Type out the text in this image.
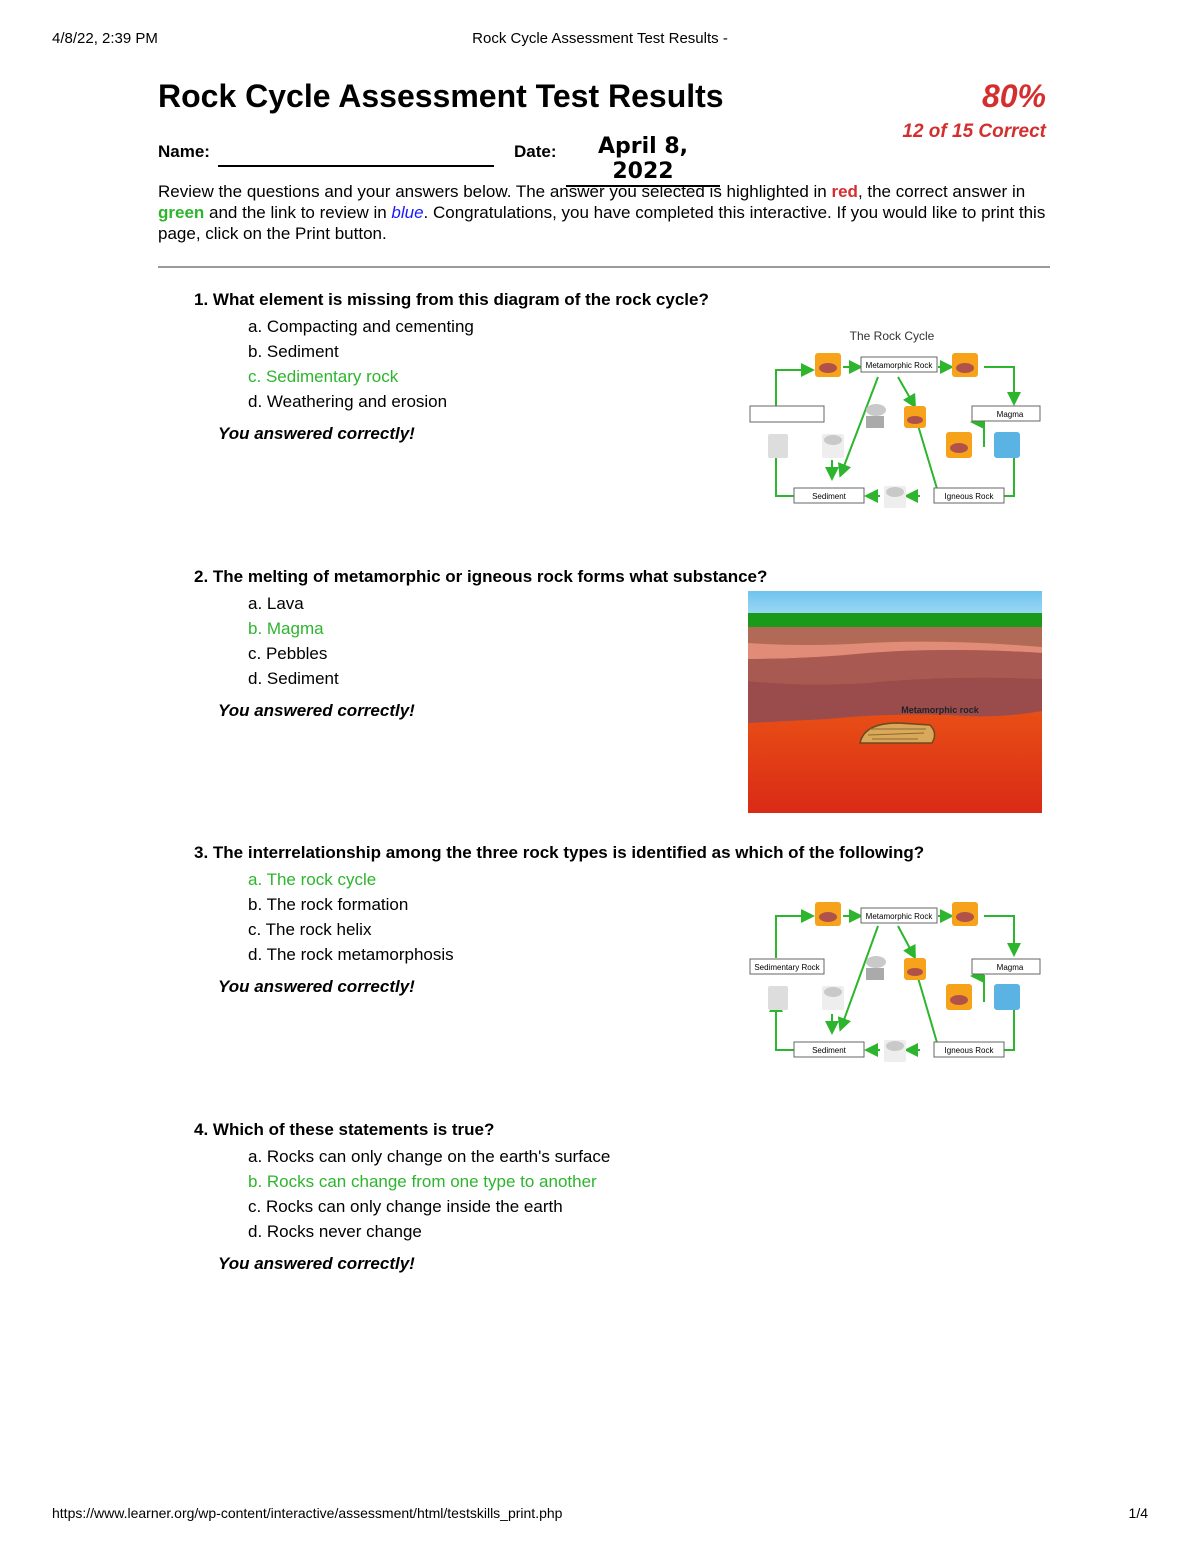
4/8/22, 2:39 PM	Rock Cycle Assessment Test Results -
Rock Cycle Assessment Test Results	80%
12 of 15 Correct
Name:	Date:	April 8, 2022

Review the questions and your answers below. The answer you selected is highlighted in red, the correct answer in green and the link to review in blue. Congratulations, you have completed this interactive. If you would like to print this page, click on the Print button.

1. What element is missing from this diagram of the rock cycle?

a. Compacting and cementing
b. Sediment
c. Sedimentary rock
d. Weathering and erosion
You answered correctly!

2. The melting of metamorphic or igneous rock forms what substance?

a. Lava
b. Magma
c. Pebbles
d. Sediment
You answered correctly!

3. The interrelationship among the three rock types is identified as which of the following?

a. The rock cycle
b. The rock formation
c. The rock helix
d. The rock metamorphosis
You answered correctly!

4. Which of these statements is true?

a. Rocks can only change on the earth's surface
b. Rocks can change from one type to another
c. Rocks can only change inside the earth
d. Rocks never change
You answered correctly!
The Rock Cycle
Metamorphic Rock
Magma
Sediment	Igneous Rock
Metamorphic rock
Metamorphic Rock
Sedimentary Rock	Magma
Sediment	Igneous Rock
https://www.learner.org/wp-content/interactive/assessment/html/testskills_print.php	1/4
